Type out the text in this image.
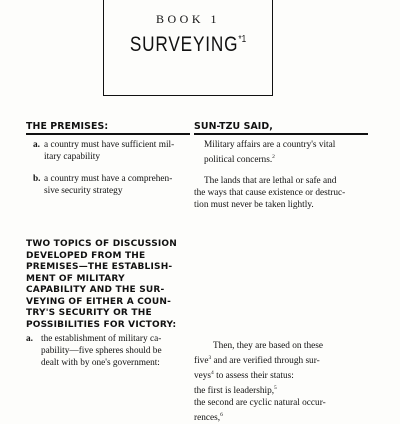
BOOK 1
SURVEYING$^{*1}$
THE PREMISES:	SUN-TZU SAID,
a. a country must have sufficient mil-
itary capability
b. a country must have a comprehen-
sive security strategy
TWO TOPICS OF DISCUSSION
DEVELOPED FROM THE
PREMISES—THE ESTABLISH-
MENT OF MILITARY
CAPABILITY AND THE SUR-
VEYING OF EITHER A COUN-
TRY'S SECURITY OR THE
POSSIBILITIES FOR VICTORY:
a. the establishment of military ca-
pability—five spheres should be
dealt with by one's government:
Military affairs are a country's vital
political concerns.$^2$
The lands that are lethal or safe and
the ways that cause existence or destruc-
tion must never be taken lightly.
Then, they are based on these
five$^3$ and are verified through sur-
veys$^4$ to assess their status:
the first is leadership,$^5$
the second are cyclic natural occur-
rences,$^6$
